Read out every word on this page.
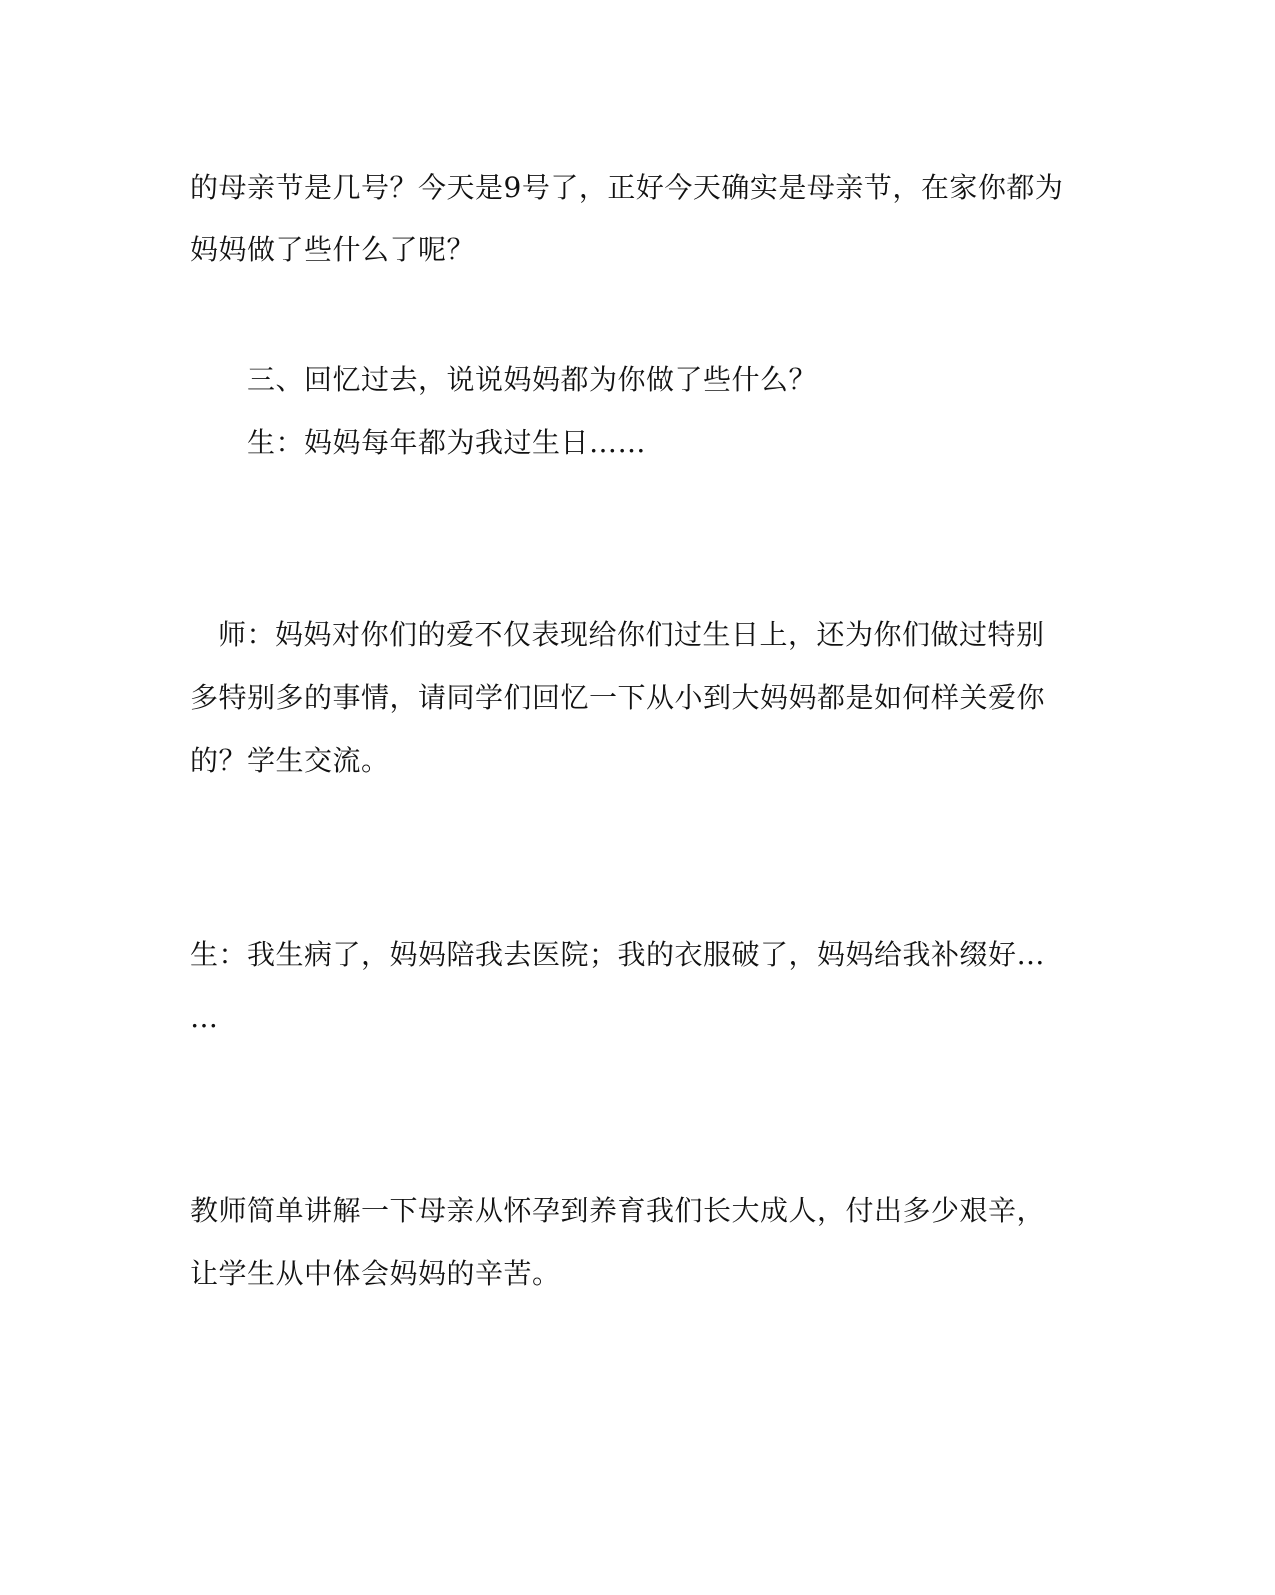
的母亲节是几号？今天是9号了，正好今天确实是母亲节，在家你都为
妈妈做了些什么了呢？
三、回忆过去，说说妈妈都为你做了些什么？
生：妈妈每年都为我过生日……
师：妈妈对你们的爱不仅表现给你们过生日上，还为你们做过特别
多特别多的事情，请同学们回忆一下从小到大妈妈都是如何样关爱你
的？学生交流。
生：我生病了，妈妈陪我去医院；我的衣服破了，妈妈给我补缀好…
…
教师简单讲解一下母亲从怀孕到养育我们长大成人，付出多少艰辛，
让学生从中体会妈妈的辛苦。
